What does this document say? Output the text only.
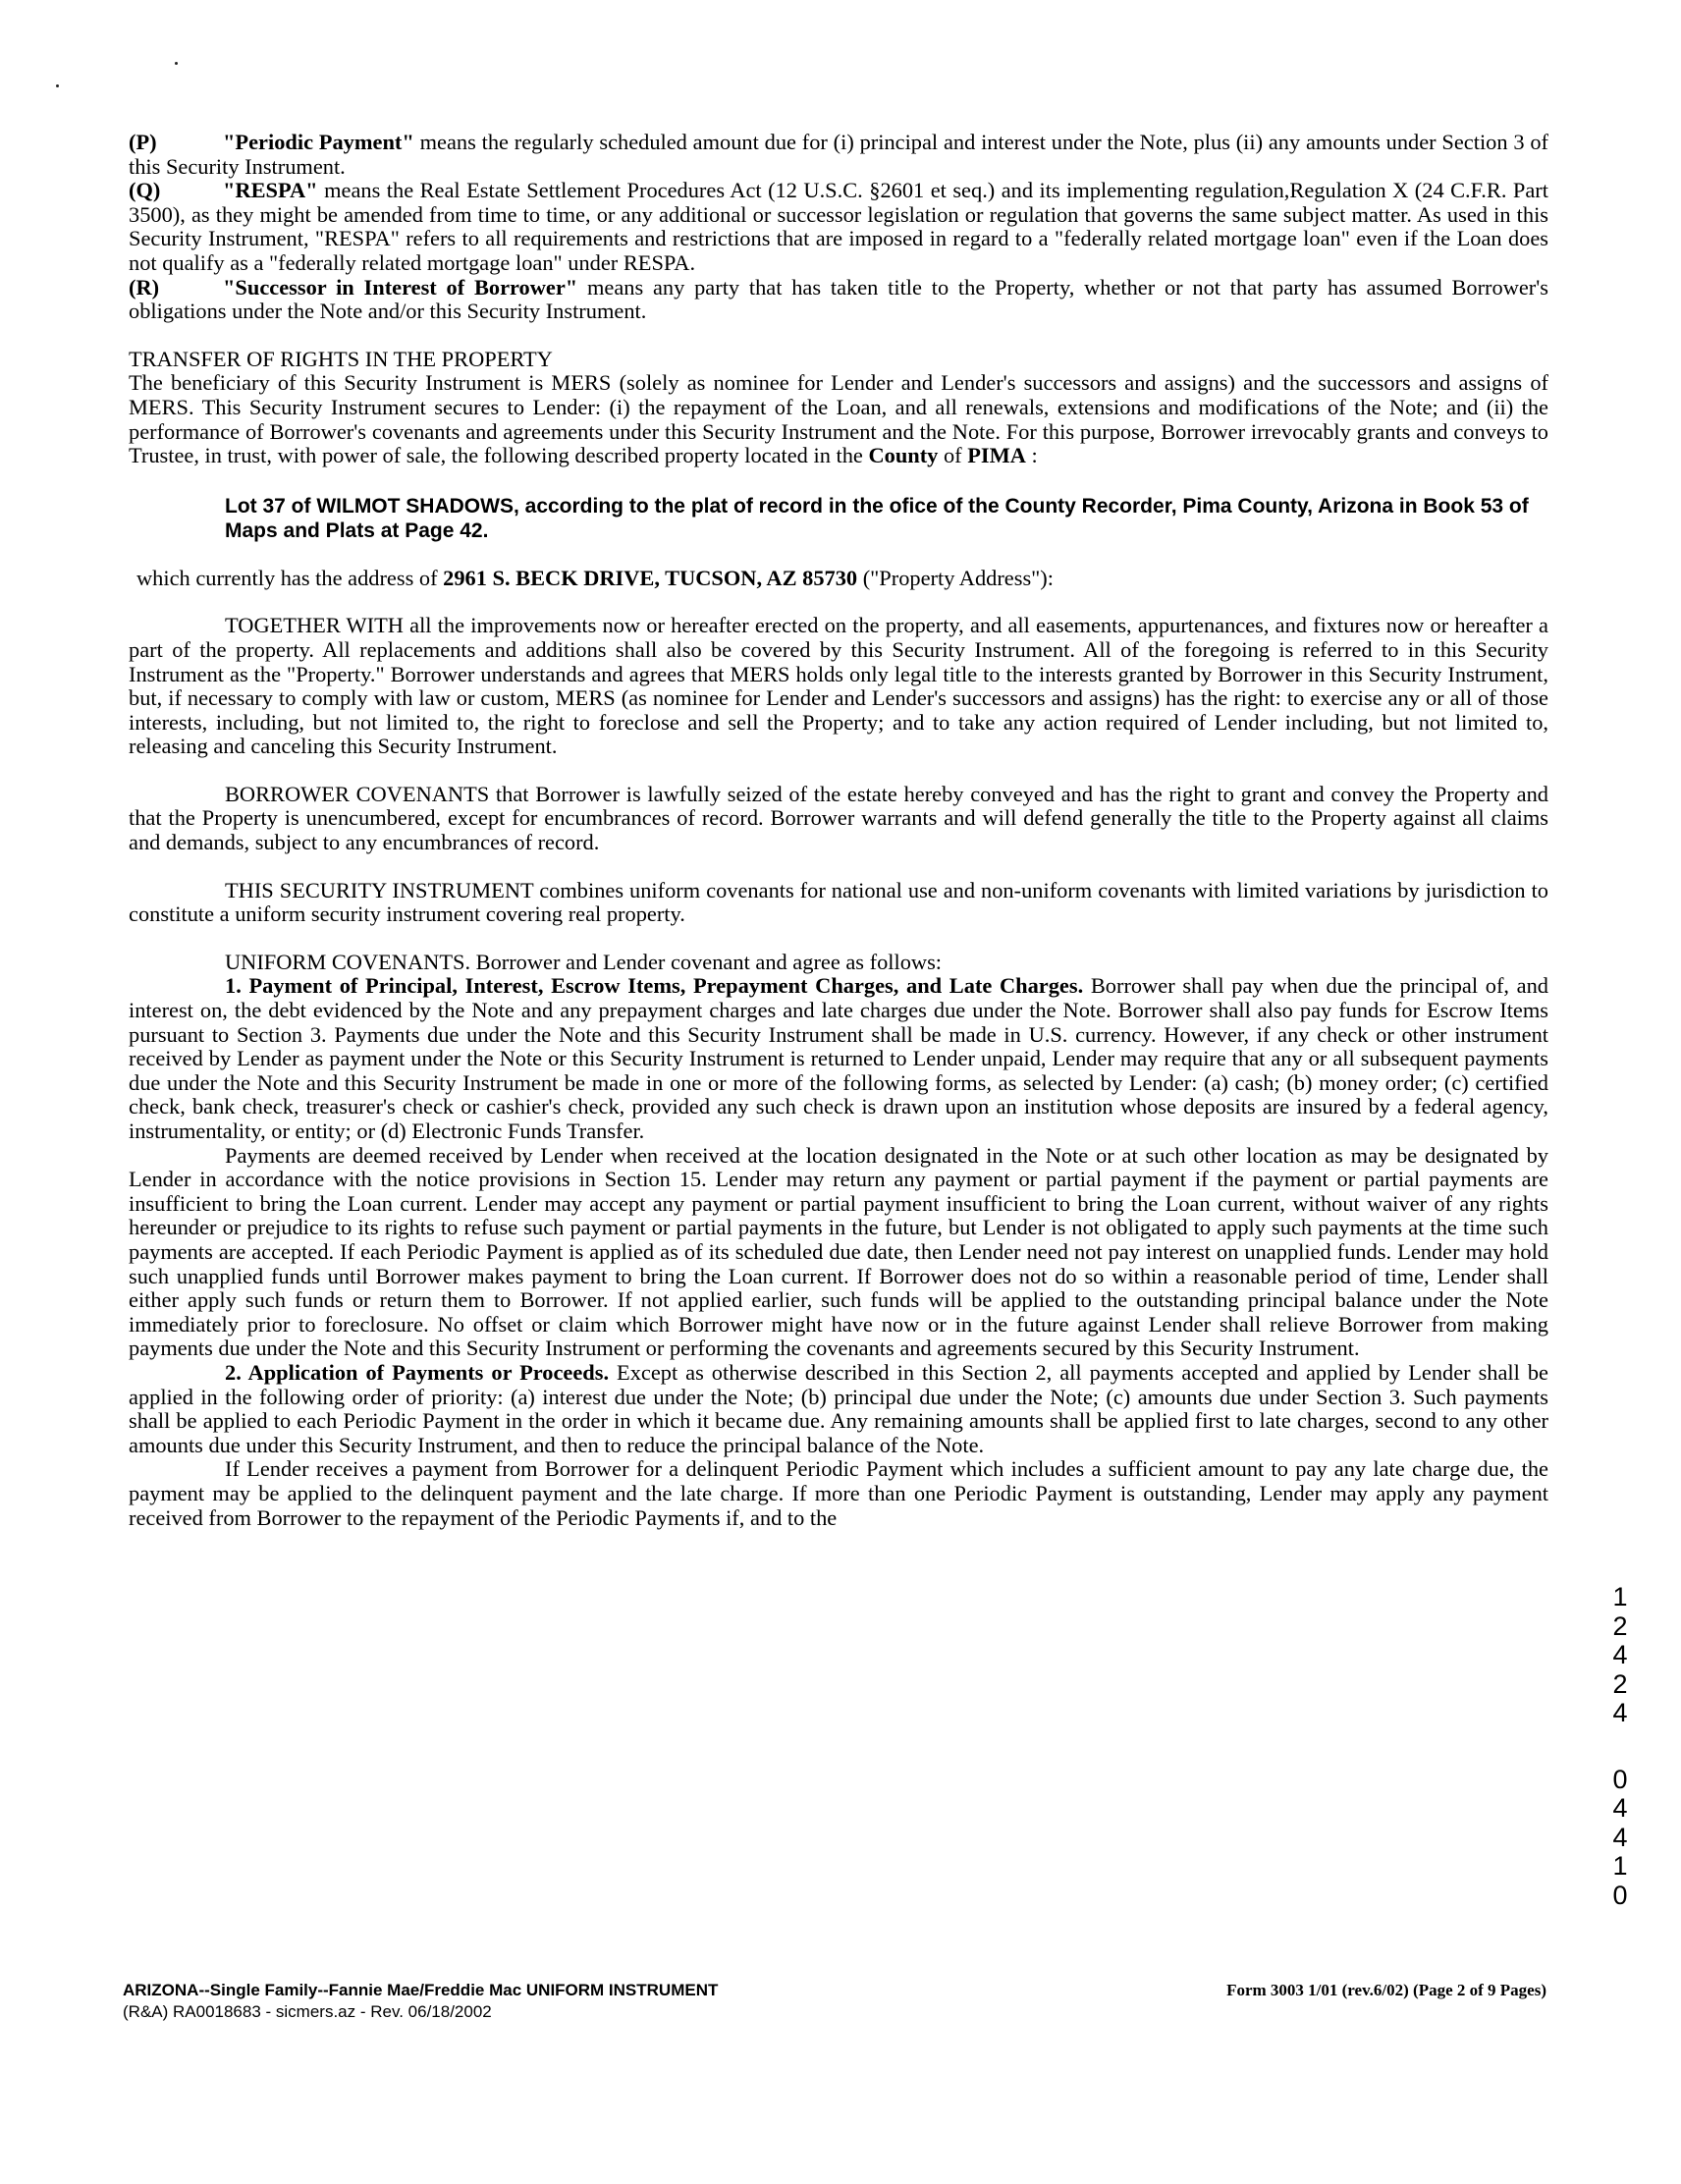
(P)	"Periodic Payment" means the regularly scheduled amount due for (i) principal and interest under the Note, plus (ii) any amounts under Section 3 of this Security Instrument.

(Q)	"RESPA" means the Real Estate Settlement Procedures Act (12 U.S.C. §2601 et seq.) and its implementing regulation,Regulation X (24 C.F.R. Part 3500), as they might be amended from time to time, or any additional or successor legislation or regulation that governs the same subject matter. As used in this Security Instrument, "RESPA" refers to all requirements and restrictions that are imposed in regard to a "federally related mortgage loan" even if the Loan does not qualify as a "federally related mortgage loan" under RESPA.

(R)	"Successor in Interest of Borrower" means any party that has taken title to the Property, whether or not that party has assumed Borrower's obligations under the Note and/or this Security Instrument.

TRANSFER OF RIGHTS IN THE PROPERTY

The beneficiary of this Security Instrument is MERS (solely as nominee for Lender and Lender's successors and assigns) and the successors and assigns of MERS. This Security Instrument secures to Lender: (i) the repayment of the Loan, and all renewals, extensions and modifications of the Note; and (ii) the performance of Borrower's covenants and agreements under this Security Instrument and the Note. For this purpose, Borrower irrevocably grants and conveys to Trustee, in trust, with power of sale, the following described property located in the County of PIMA :

Lot 37 of WILMOT SHADOWS, according to the plat of record in the ofice of the County Recorder, Pima County, Arizona in Book 53 of Maps and Plats at Page 42.

which currently has the address of 2961 S. BECK DRIVE, TUCSON, AZ 85730 ("Property Address"):

TOGETHER WITH all the improvements now or hereafter erected on the property, and all easements, appurtenances, and fixtures now or hereafter a part of the property. All replacements and additions shall also be covered by this Security Instrument. All of the foregoing is referred to in this Security Instrument as the "Property." Borrower understands and agrees that MERS holds only legal title to the interests granted by Borrower in this Security Instrument, but, if necessary to comply with law or custom, MERS (as nominee for Lender and Lender's successors and assigns) has the right: to exercise any or all of those interests, including, but not limited to, the right to foreclose and sell the Property; and to take any action required of Lender including, but not limited to, releasing and canceling this Security Instrument.

BORROWER COVENANTS that Borrower is lawfully seized of the estate hereby conveyed and has the right to grant and convey the Property and that the Property is unencumbered, except for encumbrances of record. Borrower warrants and will defend generally the title to the Property against all claims and demands, subject to any encumbrances of record.

THIS SECURITY INSTRUMENT combines uniform covenants for national use and non-uniform covenants with limited variations by jurisdiction to constitute a uniform security instrument covering real property.

UNIFORM COVENANTS. Borrower and Lender covenant and agree as follows:

1. Payment of Principal, Interest, Escrow Items, Prepayment Charges, and Late Charges. Borrower shall pay when due the principal of, and interest on, the debt evidenced by the Note and any prepayment charges and late charges due under the Note. Borrower shall also pay funds for Escrow Items pursuant to Section 3. Payments due under the Note and this Security Instrument shall be made in U.S. currency. However, if any check or other instrument received by Lender as payment under the Note or this Security Instrument is returned to Lender unpaid, Lender may require that any or all subsequent payments due under the Note and this Security Instrument be made in one or more of the following forms, as selected by Lender: (a) cash; (b) money order; (c) certified check, bank check, treasurer's check or cashier's check, provided any such check is drawn upon an institution whose deposits are insured by a federal agency, instrumentality, or entity; or (d) Electronic Funds Transfer.

Payments are deemed received by Lender when received at the location designated in the Note or at such other location as may be designated by Lender in accordance with the notice provisions in Section 15. Lender may return any payment or partial payment if the payment or partial payments are insufficient to bring the Loan current. Lender may accept any payment or partial payment insufficient to bring the Loan current, without waiver of any rights hereunder or prejudice to its rights to refuse such payment or partial payments in the future, but Lender is not obligated to apply such payments at the time such payments are accepted. If each Periodic Payment is applied as of its scheduled due date, then Lender need not pay interest on unapplied funds. Lender may hold such unapplied funds until Borrower makes payment to bring the Loan current. If Borrower does not do so within a reasonable period of time, Lender shall either apply such funds or return them to Borrower. If not applied earlier, such funds will be applied to the outstanding principal balance under the Note immediately prior to foreclosure. No offset or claim which Borrower might have now or in the future against Lender shall relieve Borrower from making payments due under the Note and this Security Instrument or performing the covenants and agreements secured by this Security Instrument.

2. Application of Payments or Proceeds. Except as otherwise described in this Section 2, all payments accepted and applied by Lender shall be applied in the following order of priority: (a) interest due under the Note; (b) principal due under the Note; (c) amounts due under Section 3. Such payments shall be applied to each Periodic Payment in the order in which it became due. Any remaining amounts shall be applied first to late charges, second to any other amounts due under this Security Instrument, and then to reduce the principal balance of the Note.

If Lender receives a payment from Borrower for a delinquent Periodic Payment which includes a sufficient amount to pay any late charge due, the payment may be applied to the delinquent payment and the late charge. If more than one Periodic Payment is outstanding, Lender may apply any payment received from Borrower to the repayment of the Periodic Payments if, and to the

1
2
4
2
4
0
4
4
1
0
ARIZONA--Single Family--Fannie Mae/Freddie Mac UNIFORM INSTRUMENT
(R&A) RA0018683 - sicmers.az - Rev. 06/18/2002
Form 3003 1/01 (rev.6/02) (Page 2 of 9 Pages)
